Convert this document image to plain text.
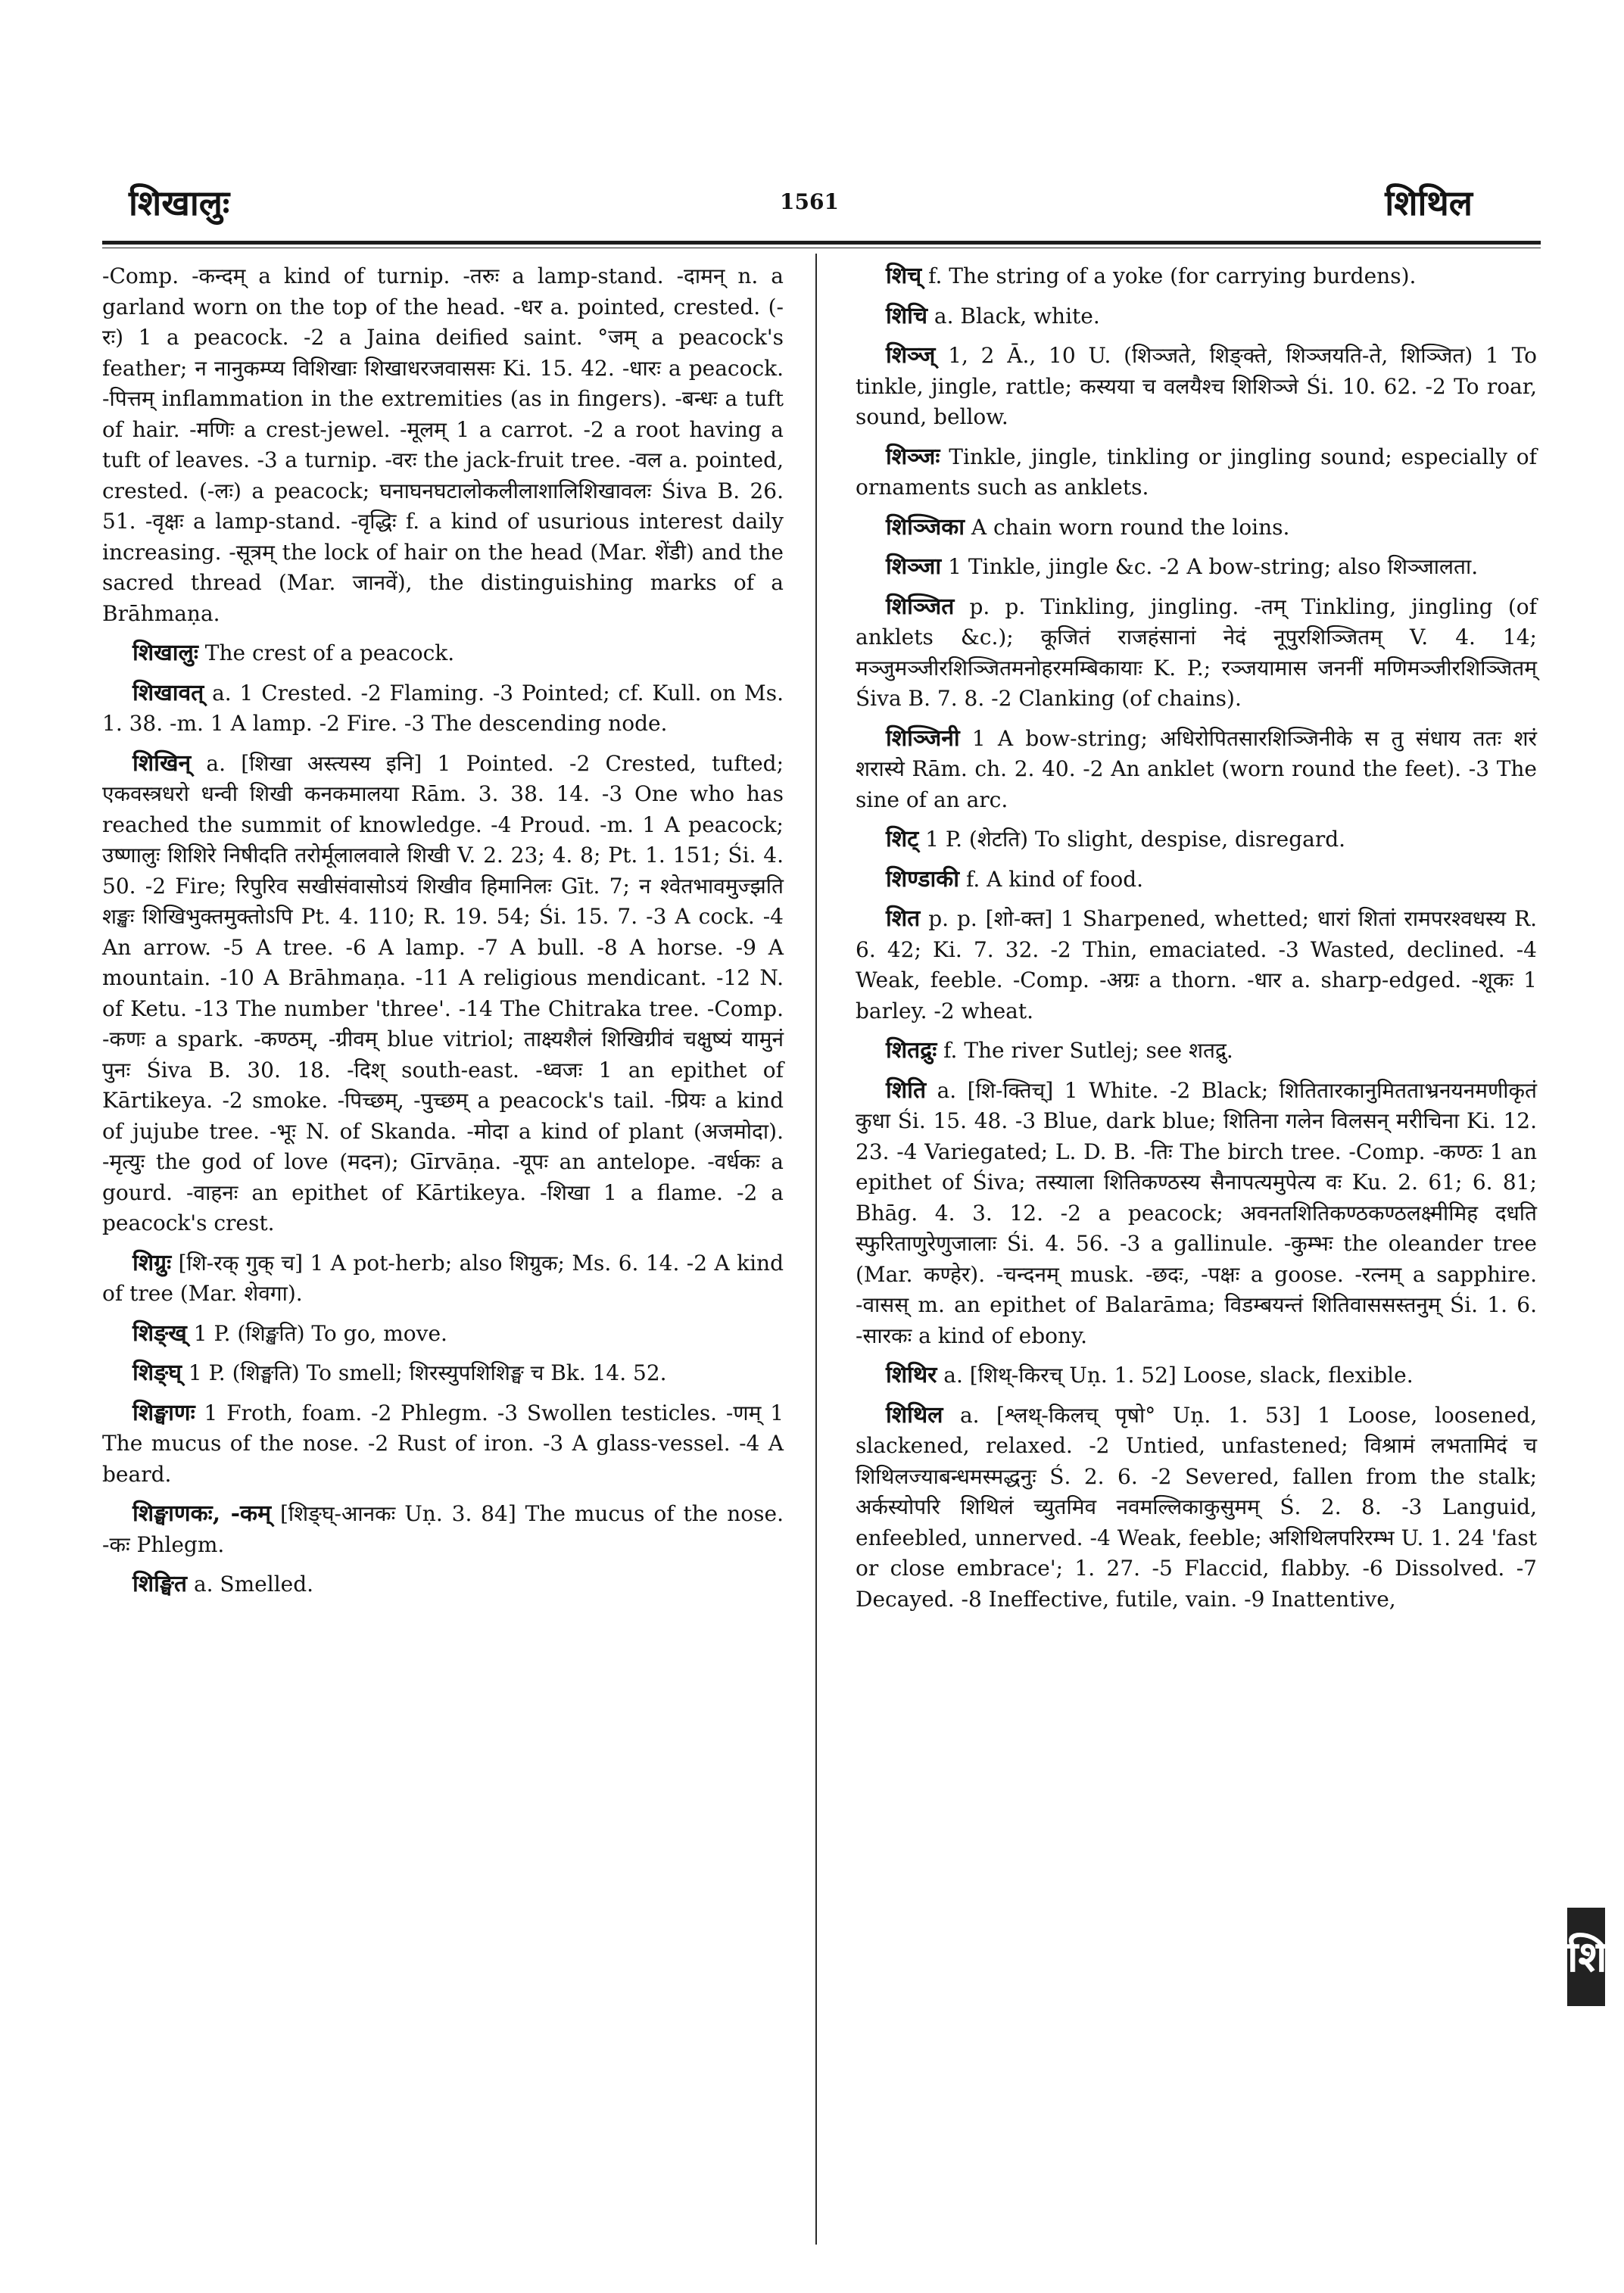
शिखालुः	1561	शिथिल

-Comp. -कन्दम् a kind of turnip. -तरुः a lamp-stand. -दामन् n. a garland worn on the top of the head. -धर a. pointed, crested. (-रः) 1 a peacock. -2 a Jaina deified saint. °जम् a peacock's feather; न नानुकम्प्य विशिखाः शिखाधरजवाससः Ki. 15. 42. -धारः a peacock. -पित्तम् inflammation in the extremities (as in fingers). -बन्धः a tuft of hair. -मणिः a crest-jewel. -मूलम् 1 a carrot. -2 a root having a tuft of leaves. -3 a turnip. -वरः the jack-fruit tree. -वल a. pointed, crested. (-लः) a peacock; घनाघनघटालोकलीलाशालिशिखावलः Śiva B. 26. 51. -वृक्षः a lamp-stand. -वृद्धिः f. a kind of usurious interest daily increasing. -सूत्रम् the lock of hair on the head (Mar. शेंडी) and the sacred thread (Mar. जानवें), the distinguishing marks of a Brāhmaṇa.

शिखालुः The crest of a peacock.

शिखावत् a. 1 Crested. -2 Flaming. -3 Pointed; cf. Kull. on Ms. 1. 38. -m. 1 A lamp. -2 Fire. -3 The descending node.

शिखिन् a. [शिखा अस्त्यस्य इनि] 1 Pointed. -2 Crested, tufted; एकवस्त्रधरो धन्वी शिखी कनकमालया Rām. 3. 38. 14. -3 One who has reached the summit of knowledge. -4 Proud. -m. 1 A peacock; उष्णालुः शिशिरे निषीदति तरोर्मूलालवाले शिखी V. 2. 23; 4. 8; Pt. 1. 151; Śi. 4. 50. -2 Fire; रिपुरिव सखीसंवासोऽयं शिखीव हिमानिलः Gīt. 7; न श्वेतभावमुज्झति शङ्खः शिखिभुक्तमुक्तोऽपि Pt. 4. 110; R. 19. 54; Śi. 15. 7. -3 A cock. -4 An arrow. -5 A tree. -6 A lamp. -7 A bull. -8 A horse. -9 A mountain. -10 A Brāhmaṇa. -11 A religious mendicant. -12 N. of Ketu. -13 The number 'three'. -14 The Chitraka tree. -Comp. -कणः a spark. -कण्ठम्, -ग्रीवम् blue vitriol; ताक्ष्यशैलं शिखिग्रीवं चक्षुष्यं यामुनं पुनः Śiva B. 30. 18. -दिश् south-east. -ध्वजः 1 an epithet of Kārtikeya. -2 smoke. -पिच्छम्, -पुच्छम् a peacock's tail. -प्रियः a kind of jujube tree. -भूः N. of Skanda. -मोदा a kind of plant (अजमोदा). -मृत्युः the god of love (मदन); Gīrvāṇa. -यूपः an antelope. -वर्धकः a gourd. -वाहनः an epithet of Kārtikeya. -शिखा 1 a flame. -2 a peacock's crest.

शिग्रुः [शि-रक् गुक् च] 1 A pot-herb; also शिग्रुक; Ms. 6. 14. -2 A kind of tree (Mar. शेवगा).

शिङ्ख् 1 P. (शिङ्खति) To go, move.

शिङ्घ् 1 P. (शिङ्घति) To smell; शिरस्युपशिशिङ्घ च Bk. 14. 52.

शिङ्घाणः 1 Froth, foam. -2 Phlegm. -3 Swollen testicles. -णम् 1 The mucus of the nose. -2 Rust of iron. -3 A glass-vessel. -4 A beard.

शिङ्घाणकः, -कम् [शिङ्घ्-आनकः Uṇ. 3. 84] The mucus of the nose. -कः Phlegm.

शिङ्घित a. Smelled.

शिच् f. The string of a yoke (for carrying burdens).

शिचि a. Black, white.

शिञ्ज् 1, 2 Ā., 10 U. (शिञ्जते, शिङ्क्ते, शिञ्जयति-ते, शिञ्जित) 1 To tinkle, jingle, rattle; कस्यया च वलयैश्च शिशिञ्जे Śi. 10. 62. -2 To roar, sound, bellow.

शिञ्जः Tinkle, jingle, tinkling or jingling sound; especially of ornaments such as anklets.

शिञ्जिका A chain worn round the loins.

शिञ्जा 1 Tinkle, jingle &c. -2 A bow-string; also शिञ्जालता.

शिञ्जित p. p. Tinkling, jingling. -तम् Tinkling, jingling (of anklets &c.); कूजितं राजहंसानां नेदं नूपुरशिञ्जितम् V. 4. 14; मञ्जुमञ्जीरशिञ्जितमनोहरमम्बिकायाः K. P.; रञ्जयामास जननीं मणिमञ्जीरशिञ्जितम् Śiva B. 7. 8. -2 Clanking (of chains).

शिञ्जिनी 1 A bow-string; अधिरोपितसारशिञ्जिनीके स तु संधाय ततः शरं शरास्ये Rām. ch. 2. 40. -2 An anklet (worn round the feet). -3 The sine of an arc.

शिट् 1 P. (शेटति) To slight, despise, disregard.

शिण्डाकी f. A kind of food.

शित p. p. [शो-क्त] 1 Sharpened, whetted; धारां शितां रामपरश्वधस्य R. 6. 42; Ki. 7. 32. -2 Thin, emaciated. -3 Wasted, declined. -4 Weak, feeble. -Comp. -अग्रः a thorn. -धार a. sharp-edged. -शूकः 1 barley. -2 wheat.

शितद्रुः f. The river Sutlej; see शतद्रु.

शिति a. [शि-क्तिच्] 1 White. -2 Black; शितितारकानुमितताभ्रनयनमणीकृतं कुधा Śi. 15. 48. -3 Blue, dark blue; शितिना गलेन विलसन् मरीचिना Ki. 12. 23. -4 Variegated; L. D. B. -तिः The birch tree. -Comp. -कण्ठः 1 an epithet of Śiva; तस्याला शितिकण्ठस्य सैनापत्यमुपेत्य वः Ku. 2. 61; 6. 81; Bhāg. 4. 3. 12. -2 a peacock; अवनतशितिकण्ठकण्ठलक्ष्मीमिह दधति स्फुरिताणुरेणुजालाः Śi. 4. 56. -3 a gallinule. -कुम्भः the oleander tree (Mar. कण्हेर). -चन्दनम् musk. -छदः, -पक्षः a goose. -रत्नम् a sapphire. -वासस् m. an epithet of Balarāma; विडम्बयन्तं शितिवाससस्तनुम् Śi. 1. 6. -सारकः a kind of ebony.

शिथिर a. [शिथ्-किरच् Uṇ. 1. 52] Loose, slack, flexible.

शिथिल a. [श्लथ्-किलच् पृषो° Uṇ. 1. 53] 1 Loose, loosened, slackened, relaxed. -2 Untied, unfastened; विश्रामं लभतामिदं च शिथिलज्याबन्धमस्मद्धनुः Ś. 2. 6. -2 Severed, fallen from the stalk; अर्कस्योपरि शिथिलं च्युतमिव नवमल्लिकाकुसुमम् Ś. 2. 8. -3 Languid, enfeebled, unnerved. -4 Weak, feeble; अशिथिलपरिरम्भ U. 1. 24 'fast or close embrace'; 1. 27. -5 Flaccid, flabby. -6 Dissolved. -7 Decayed. -8 Ineffective, futile, vain. -9 Inattentive,

शि
